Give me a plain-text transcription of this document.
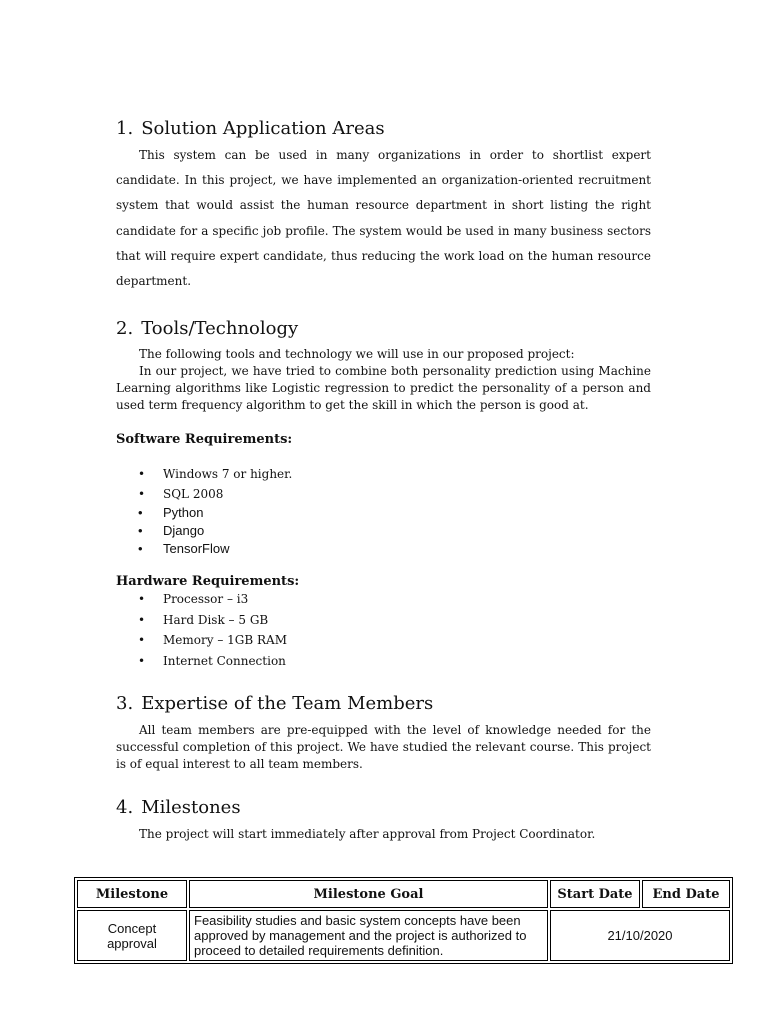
1. Solution Application Areas

This system can be used in many organizations in order to shortlist expert candidate. In this project, we have implemented an organization-oriented recruitment system that would assist the human resource department in short listing the right candidate for a specific job profile. The system would be used in many business sectors that will require expert candidate, thus reducing the work load on the human resource department.

2. Tools/Technology

The following tools and technology we will use in our proposed project:

In our project, we have tried to combine both personality prediction using Machine Learning algorithms like Logistic regression to predict the personality of a person and used term frequency algorithm to get the skill in which the person is good at.

Software Requirements:
• Windows 7 or higher.
• SQL 2008
• Python
• Django
• TensorFlow
Hardware Requirements:
• Processor – i3
• Hard Disk – 5 GB
• Memory – 1GB RAM
• Internet Connection
3. Expertise of the Team Members

All team members are pre-equipped with the level of knowledge needed for the successful completion of this project. We have studied the relevant course. This project is of equal interest to all team members.

4. Milestones

The project will start immediately after approval from Project Coordinator.

Milestone	Milestone Goal	Start Date	End Date
Concept approval	Feasibility studies and basic system concepts have been approved by management and the project is authorized to proceed to detailed requirements definition.	21/10/2020	
